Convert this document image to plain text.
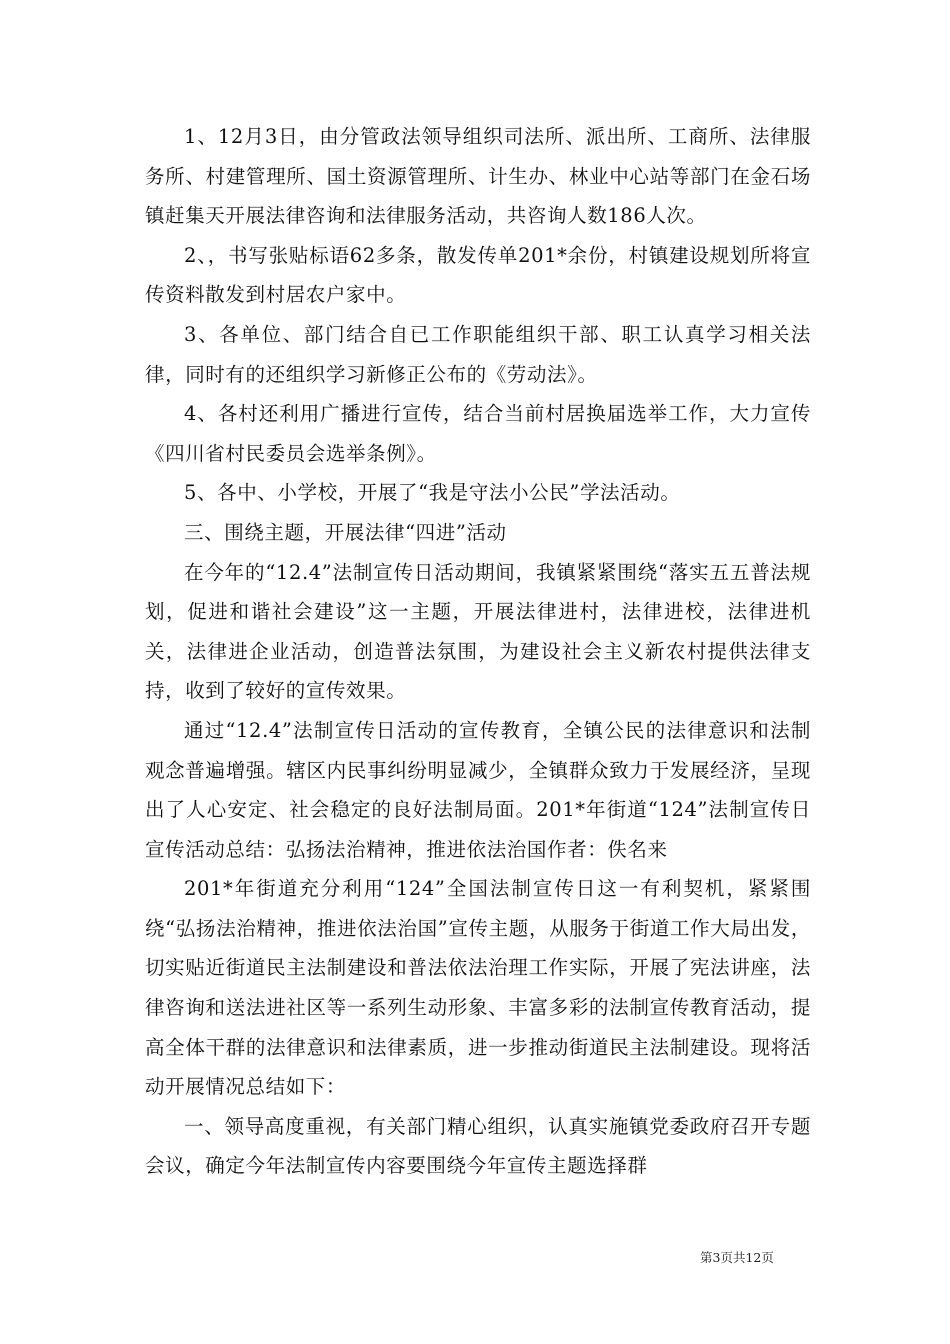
1、12月3日，由分管政法领导组织司法所、派出所、工商所、法律服务所、村建管理所、国土资源管理所、计生办、林业中心站等部门在金石场镇赶集天开展法律咨询和法律服务活动，共咨询人数186人次。

2、，书写张贴标语62多条，散发传单201*余份，村镇建设规划所将宣传资料散发到村居农户家中。

3、各单位、部门结合自已工作职能组织干部、职工认真学习相关法律，同时有的还组织学习新修正公布的《劳动法》。

4、各村还利用广播进行宣传，结合当前村居换届选举工作，大力宣传《四川省村民委员会选举条例》。

5、各中、小学校，开展了“我是守法小公民”学法活动。

三、围绕主题，开展法律“四进”活动

在今年的“12.4”法制宣传日活动期间，我镇紧紧围绕“落实五五普法规划，促进和谐社会建设”这一主题，开展法律进村，法律进校，法律进机关，法律进企业活动，创造普法氛围，为建设社会主义新农村提供法律支持，收到了较好的宣传效果。

通过“12.4”法制宣传日活动的宣传教育，全镇公民的法律意识和法制观念普遍增强。辖区内民事纠纷明显减少，全镇群众致力于发展经济，呈现出了人心安定、社会稳定的良好法制局面。201*年街道“124”法制宣传日宣传活动总结：弘扬法治精神，推进依法治国作者：佚名来

201*年街道充分利用“124”全国法制宣传日这一有利契机，紧紧围绕“弘扬法治精神，推进依法治国”宣传主题，从服务于街道工作大局出发，切实贴近街道民主法制建设和普法依法治理工作实际，开展了宪法讲座，法律咨询和送法进社区等一系列生动形象、丰富多彩的法制宣传教育活动，提高全体干群的法律意识和法律素质，进一步推动街道民主法制建设。现将活动开展情况总结如下：

一、领导高度重视，有关部门精心组织，认真实施镇党委政府召开专题会议，确定今年法制宣传内容要围绕今年宣传主题选择群

第3页共12页
